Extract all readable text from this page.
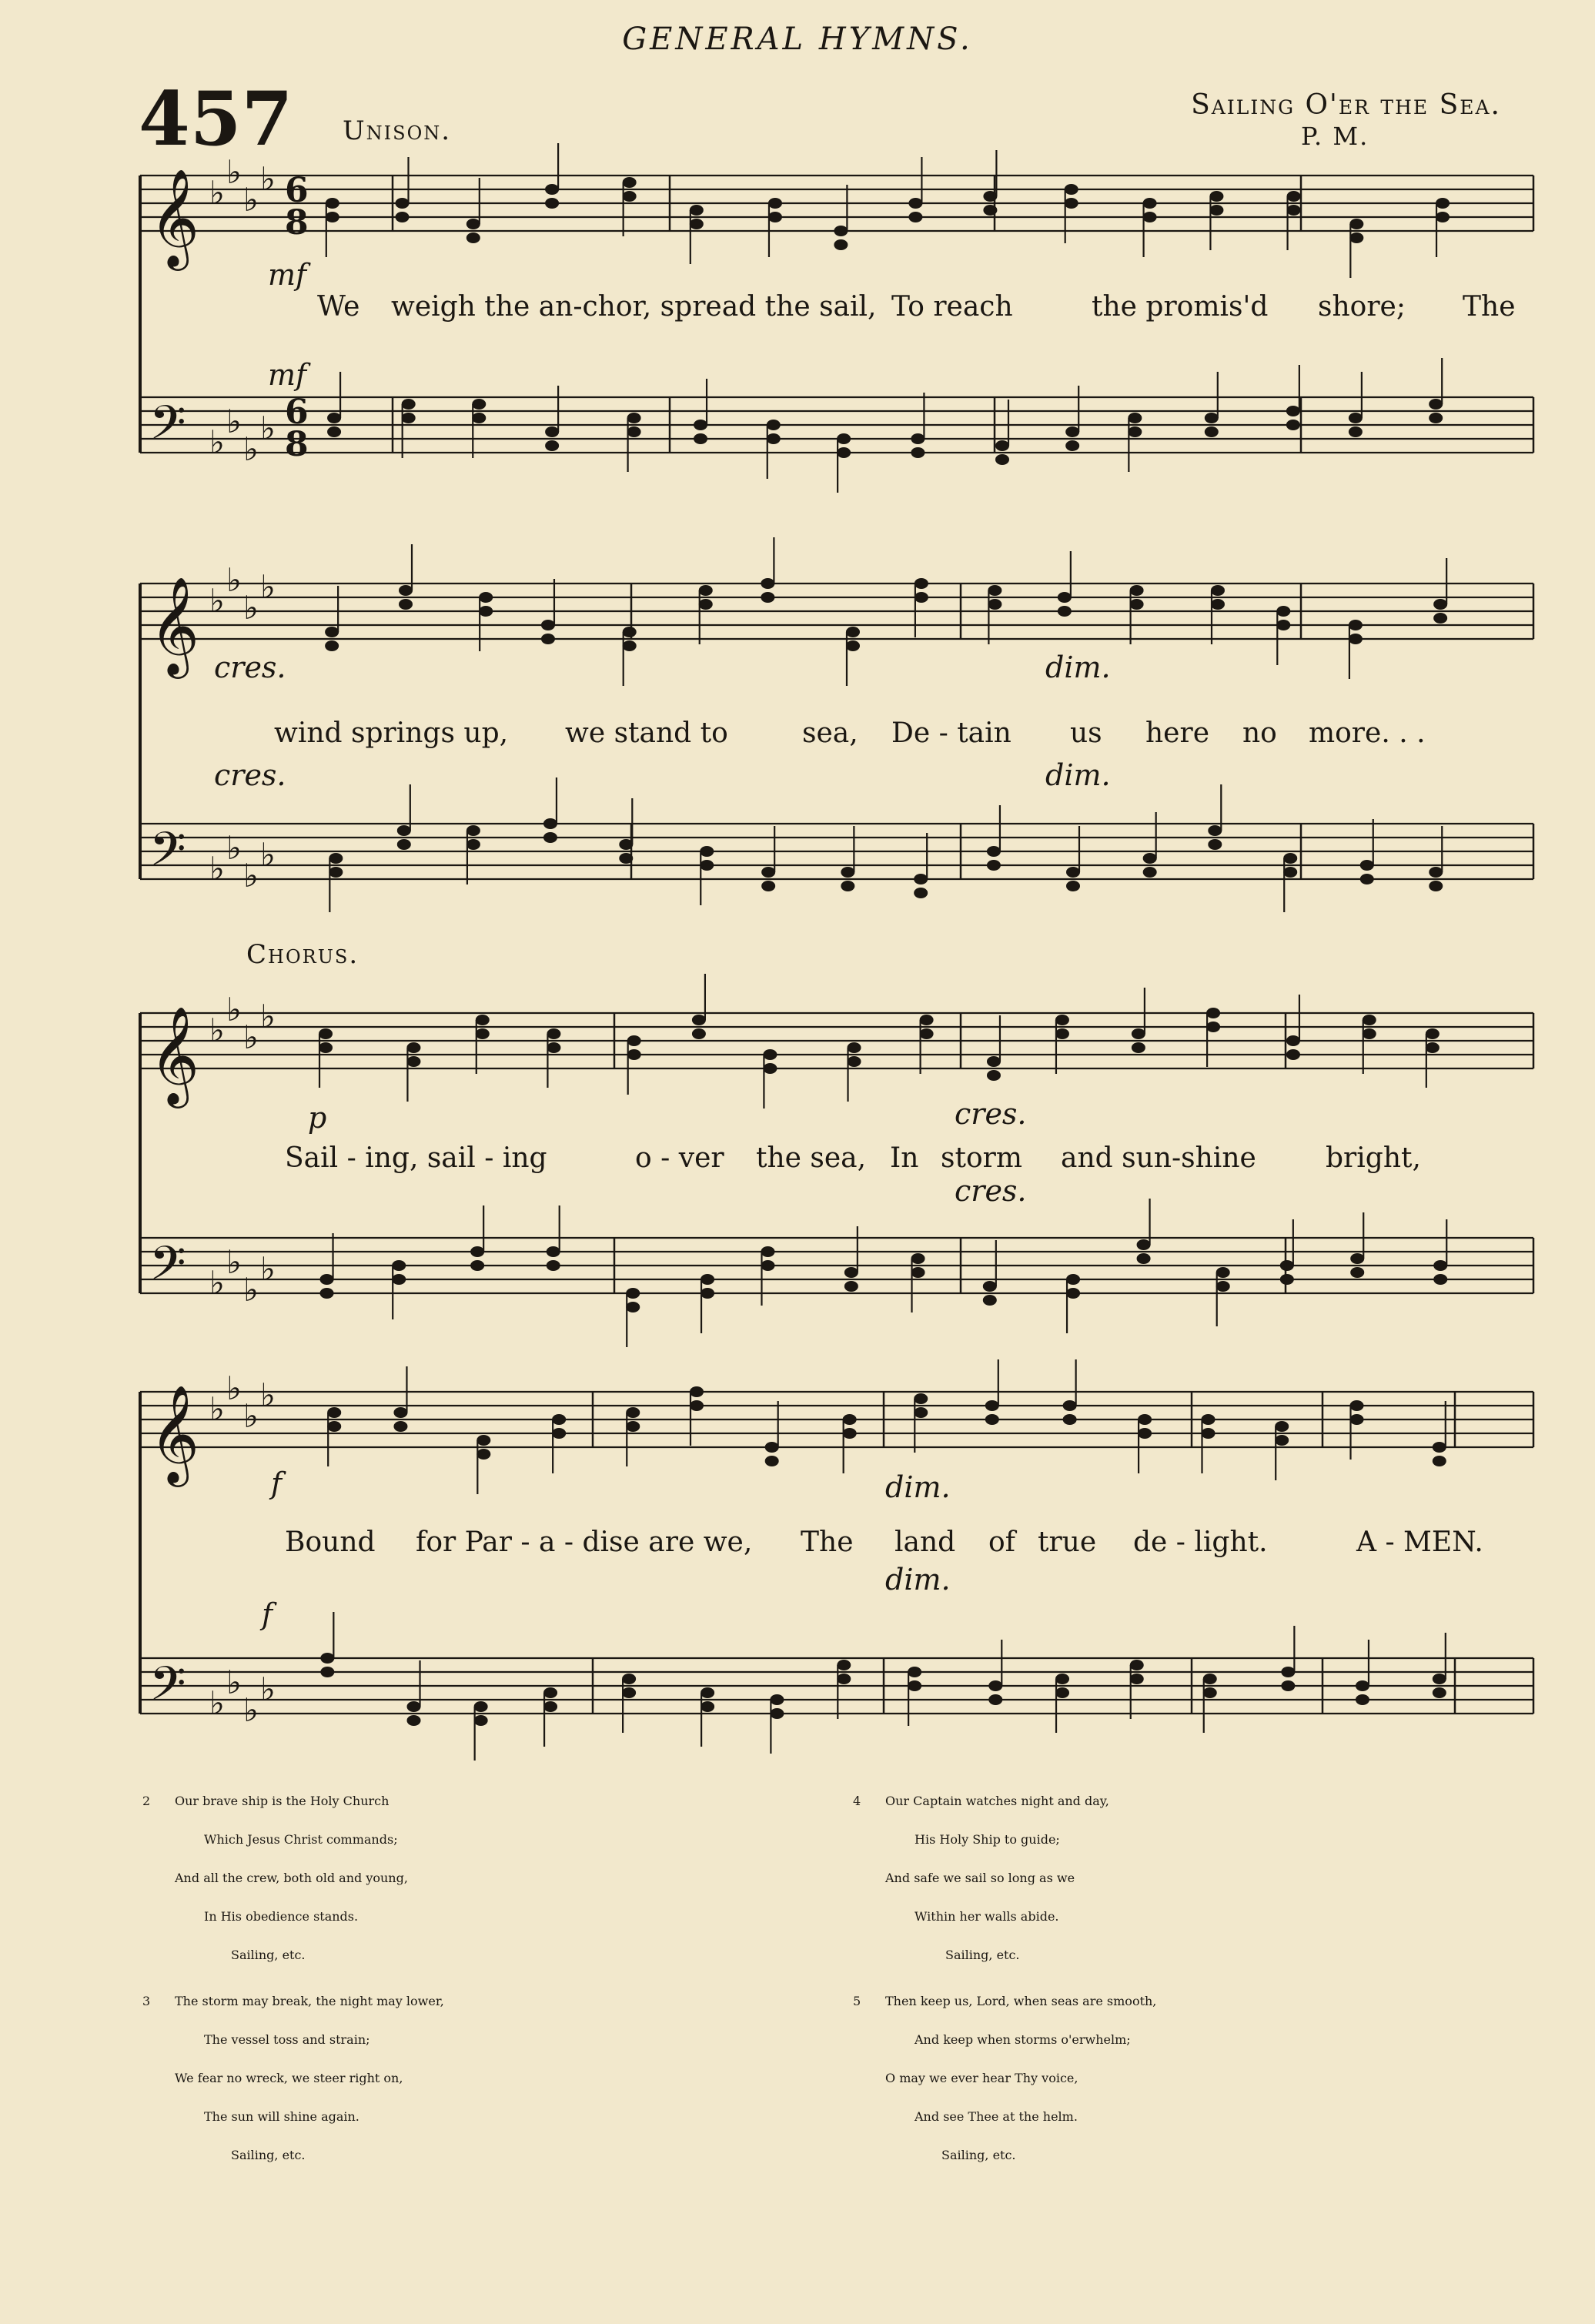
GENERAL HYMNS.
457 Unison.
Sailing O'er the Sea.
P. M.
𝄞 ♭
♭
♭
♭ 6
8
𝄢 ♭
♭
♭
♭ 6
8
𝄞 ♭
♭
♭
♭
𝄢 ♭
♭
♭
♭
𝄞 ♭
♭
♭
♭
𝄢 ♭
♭
♭
♭
𝄞 ♭
♭
♭
♭
𝄢 ♭
♭
♭
♭
mf
mf
cres.	dim.
cres.	dim.
p	cres.
cres.
f	dim.
dim.
f
Chorus.
We weigh the an-chor, spread the sail, To reach	the promis'd shore; The
wind springs up, we stand to	sea, De - tain us here no more. . .
Sail - ing, sail - ing	o - ver the sea, In storm and sun-shine	bright,
Bound for Par - a - dise are we, The land of true de - light.	A - MEN.
2 Our brave ship is the Holy Church
Which Jesus Christ commands;
And all the crew, both old and young,
In His obedience stands.
Sailing, etc.
3 The storm may break, the night may lower,
The vessel toss and strain;
We fear no wreck, we steer right on,
The sun will shine again.
Sailing, etc.
4 Our Captain watches night and day,
His Holy Ship to guide;
And safe we sail so long as we
Within her walls abide.
Sailing, etc.
5 Then keep us, Lord, when seas are smooth,
And keep when storms o'erwhelm;
O may we ever hear Thy voice,
And see Thee at the helm.
Sailing, etc.
